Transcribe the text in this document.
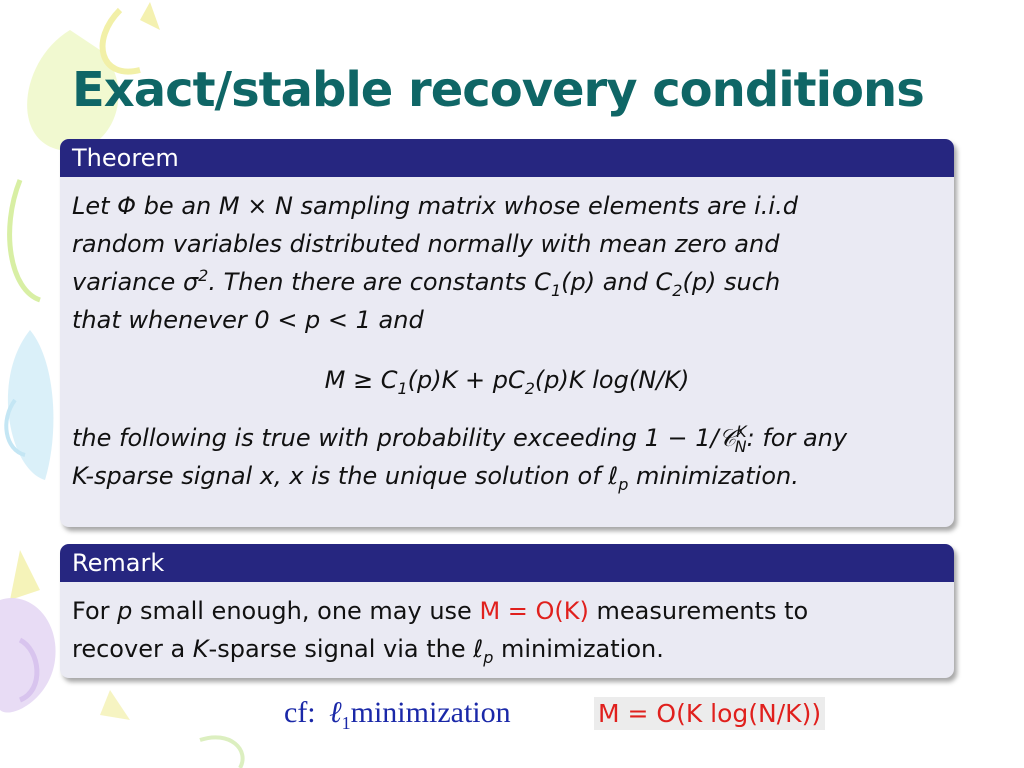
Exact/stable recovery conditions
Theorem
Let Φ be an M × N sampling matrix whose elements are i.i.d
random variables distributed normally with mean zero and
variance $\sigma^2$. Then there are constants $C_1(p)$ and $C_2(p)$ such
that whenever 0 < p < 1 and
$M \ge C_1(p)K + pC_2(p)K$ log(N/K)
the following is true with probability exceeding 1 − 1/𝒞$^K_N$: for any
K-sparse signal x, x is the unique solution of ℓ$_p$ minimization.
Remark
For p small enough, one may use M = O(K) measurements to
recover a K-sparse signal via the ℓ$_p$ minimization.
cf: ℓ$_1$minimization	M = O(K log(N/K))
